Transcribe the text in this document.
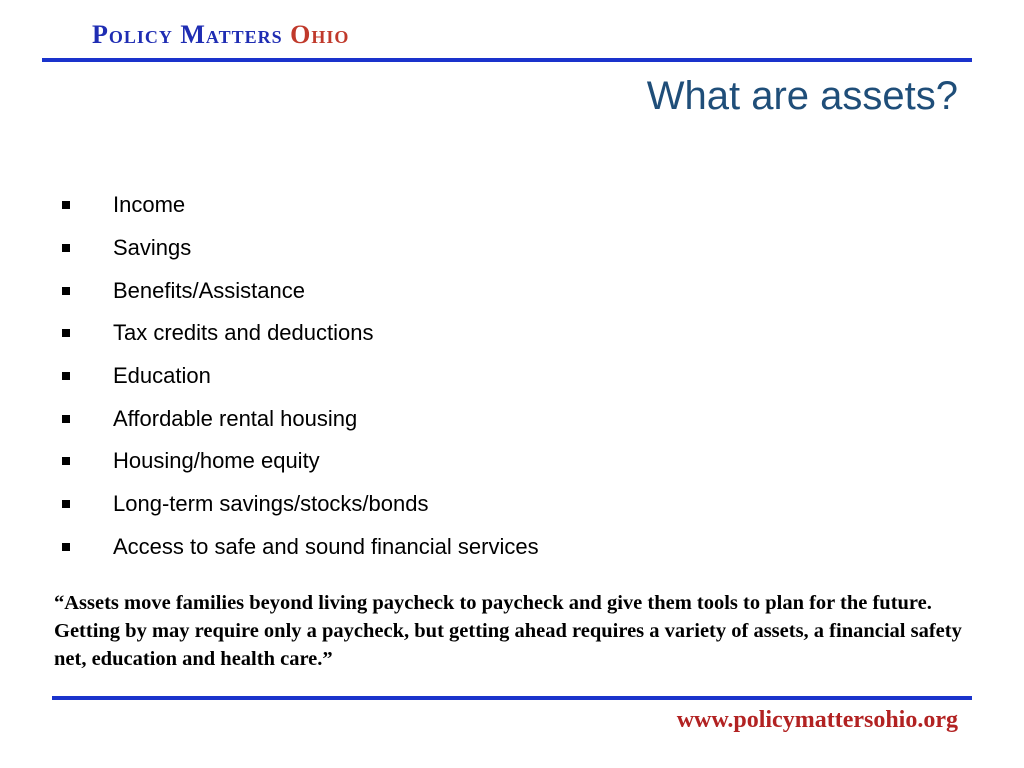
Policy Matters Ohio
What are assets?
Income
Savings
Benefits/Assistance
Tax credits and deductions
Education
Affordable rental housing
Housing/home equity
Long-term savings/stocks/bonds
Access to safe and sound financial services

“Assets move families beyond living paycheck to paycheck and give them tools to plan for the future. Getting by may require only a paycheck, but getting ahead requires a variety of assets, a financial safety net, education and health care.”

www.policymattersohio.org
